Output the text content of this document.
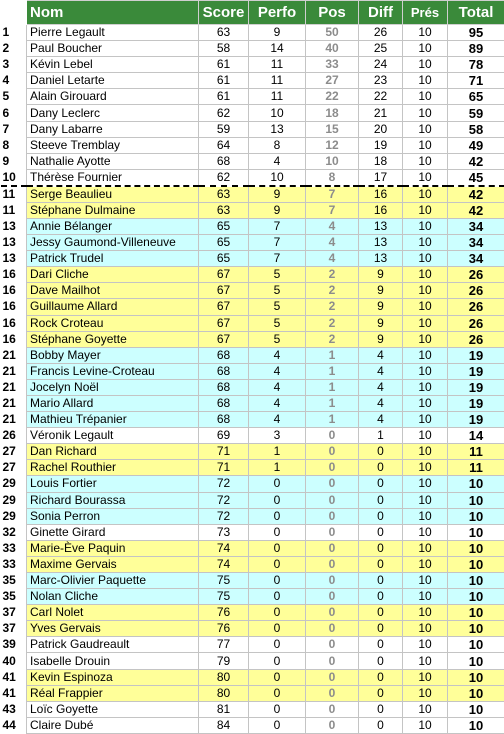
	Nom	Score	Perfo	Pos	Diff	Prés	Total
1	Pierre Legault	63	9	50	26	10	95
2	Paul Boucher	58	14	40	25	10	89
3	Kévin Lebel	61	11	33	24	10	78
4	Daniel Letarte	61	11	27	23	10	71
5	Alain Girouard	61	11	22	22	10	65
6	Dany Leclerc	62	10	18	21	10	59
7	Dany Labarre	59	13	15	20	10	58
8	Steeve Tremblay	64	8	12	19	10	49
9	Nathalie Ayotte	68	4	10	18	10	42
10	Thérèse Fournier	62	10	8	17	10	45
11	Serge Beaulieu	63	9	7	16	10	42
11	Stéphane Dulmaine	63	9	7	16	10	42
13	Annie Bélanger	65	7	4	13	10	34
13	Jessy Gaumond-Villeneuve	65	7	4	13	10	34
13	Patrick Trudel	65	7	4	13	10	34
16	Dari Cliche	67	5	2	9	10	26
16	Dave Mailhot	67	5	2	9	10	26
16	Guillaume Allard	67	5	2	9	10	26
16	Rock Croteau	67	5	2	9	10	26
16	Stéphane Goyette	67	5	2	9	10	26
21	Bobby Mayer	68	4	1	4	10	19
21	Francis Levine-Croteau	68	4	1	4	10	19
21	Jocelyn Noël	68	4	1	4	10	19
21	Mario Allard	68	4	1	4	10	19
21	Mathieu Trépanier	68	4	1	4	10	19
26	Véronik Legault	69	3	0	1	10	14
27	Dan Richard	71	1	0	0	10	11
27	Rachel Routhier	71	1	0	0	10	11
29	Louis Fortier	72	0	0	0	10	10
29	Richard Bourassa	72	0	0	0	10	10
29	Sonia Perron	72	0	0	0	10	10
32	Ginette Girard	73	0	0	0	10	10
33	Marie-Ève Paquin	74	0	0	0	10	10
33	Maxime Gervais	74	0	0	0	10	10
35	Marc-Olivier Paquette	75	0	0	0	10	10
35	Nolan Cliche	75	0	0	0	10	10
37	Carl Nolet	76	0	0	0	10	10
37	Yves Gervais	76	0	0	0	10	10
39	Patrick Gaudreault	77	0	0	0	10	10
40	Isabelle Drouin	79	0	0	0	10	10
41	Kevin Espinoza	80	0	0	0	10	10
41	Réal Frappier	80	0	0	0	10	10
43	Loïc Goyette	81	0	0	0	10	10
44	Claire Dubé	84	0	0	0	10	10
